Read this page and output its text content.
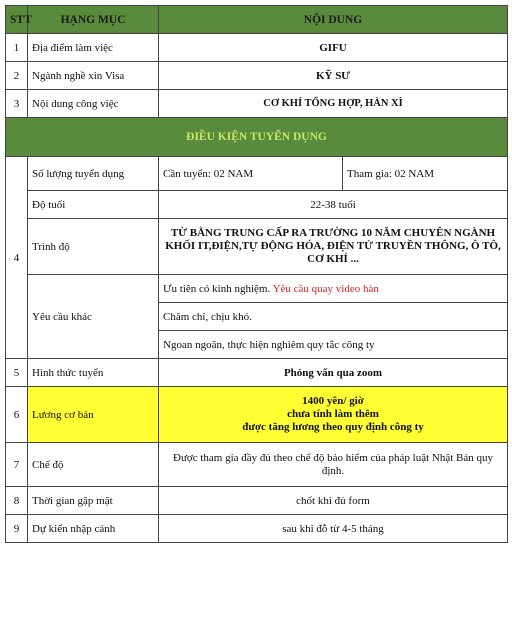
STT	HẠNG MỤC	NỘI DUNG	
1	Địa điểm làm việc	GIFU	
2	Ngành nghề xin Visa	KỸ SƯ	
3	Nội dung công việc	CƠ KHÍ TỔNG HỢP, HÀN XÌ	
ĐIỀU KIỆN TUYỂN DỤNG			
4	Số lượng tuyển dụng	Cần tuyển: 02 NAM	Tham gia: 02 NAM
	Độ tuổi	22-38 tuổi	
	Trình độ	TỪ BẰNG TRUNG CẤP RA TRƯỜNG 10 NĂM CHUYÊN NGÀNH KHỐI IT,ĐIỆN,TỰ ĐỘNG HÓA, ĐIỆN TỬ TRUYỀN THÔNG, Ô TÔ, CƠ KHÍ ...	
	Yêu cầu khác	Ưu tiên có kinh nghiệm. Yêu cầu quay video hàn	
		Chăm chỉ, chịu khó.	
		Ngoan ngoãn, thực hiện nghiêm quy tắc công ty	
5	Hình thức tuyển	Phỏng vấn qua zoom	
6	Lương cơ bản	1400 yên/ giờ
chưa tính làm thêm
được tăng lương theo quy định công ty	

7	Chế độ	Được tham gia đầy đủ theo chế độ bảo hiểm của pháp luật Nhật Bản quy định.	
8	Thời gian gặp mặt	chốt khi đủ form	
9	Dự kiến nhập cảnh	sau khi đỗ từ 4-5 tháng	
